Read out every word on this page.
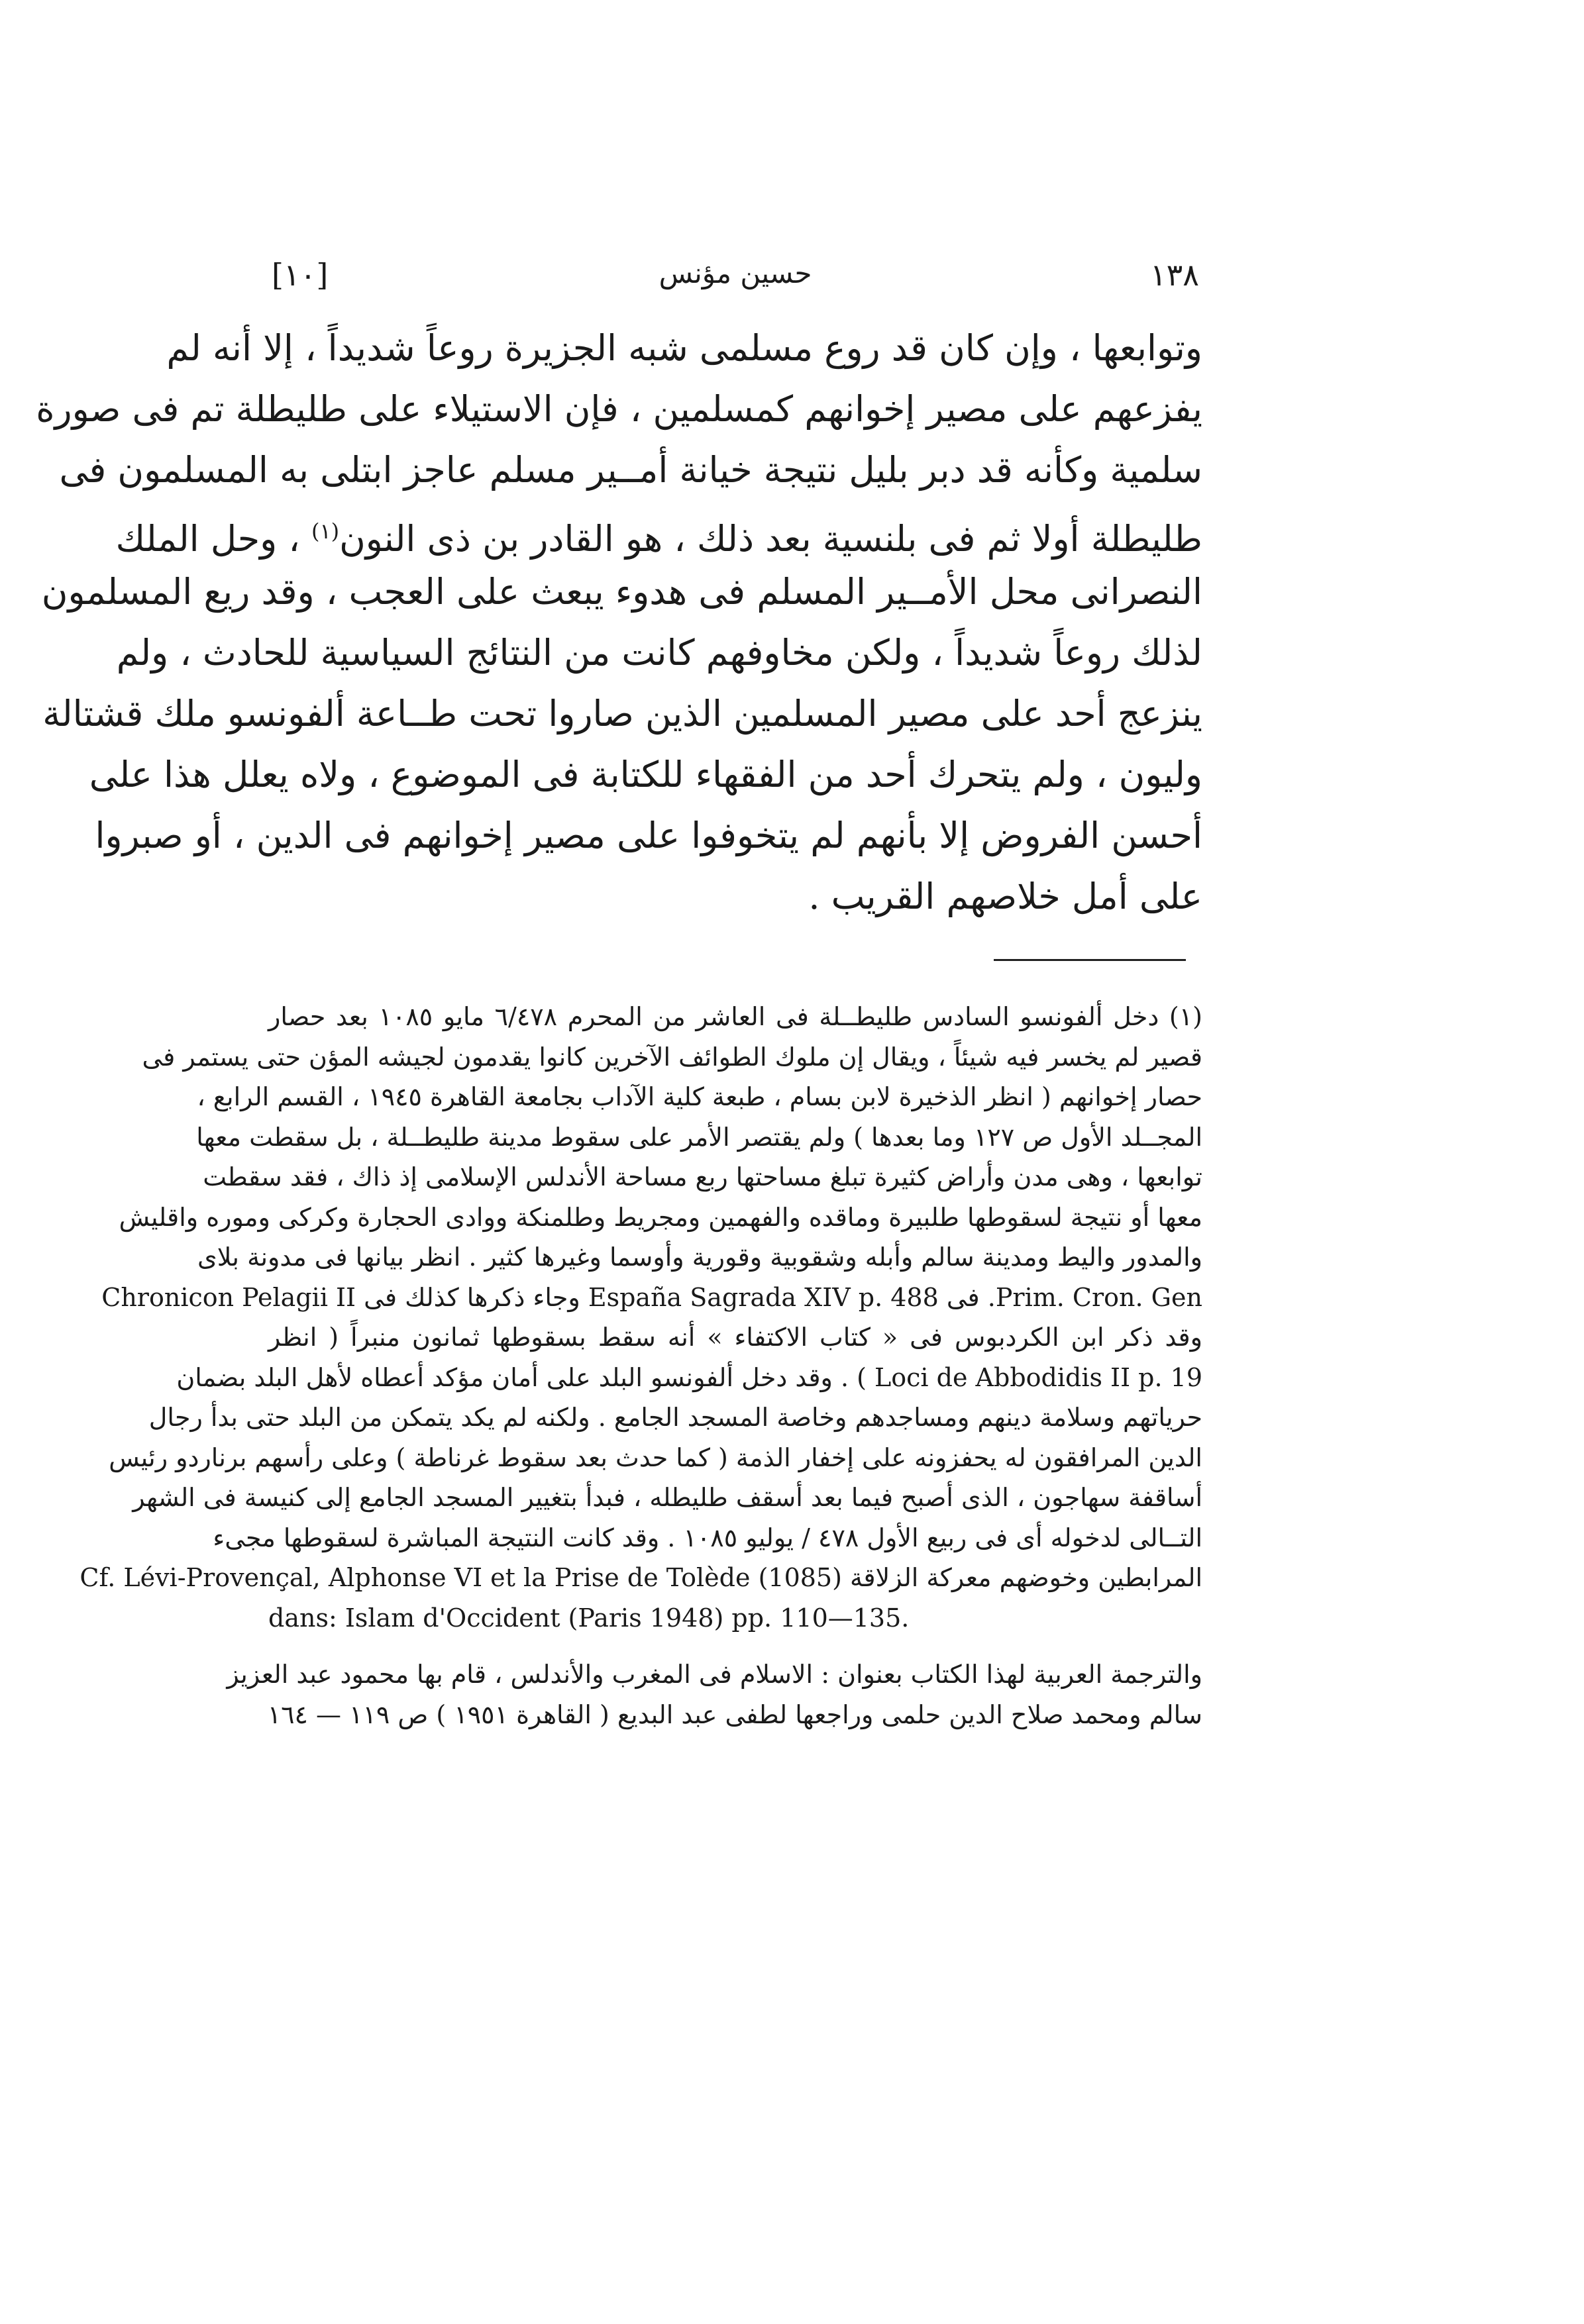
١٣٨
حسين مؤنس
[١٠]
وتوابعها ، وإن كان قد روع مسلمى شبه الجزيرة روعاً شديداً ، إلا أنه لم
يفزعهم على مصير إخوانهم كمسلمين ، فإن الاستيلاء على طليطلة تم فى صورة
سلمية وكأنه قد دبر بليل نتيجة خيانة أمــير مسلم عاجز ابتلى به المسلمون فى
طليطلة أولا ثم فى بلنسية بعد ذلك ، هو القادر بن ذى النون$^{(١)}$ ، وحل الملك
النصرانى محل الأمــير المسلم فى هدوء يبعث على العجب ، وقد ريع المسلمون
لذلك روعاً شديداً ، ولكن مخاوفهم كانت من النتائج السياسية للحادث ، ولم
ينزعج أحد على مصير المسلمين الذين صاروا تحت طــاعة ألفونسو ملك قشتالة
وليون ، ولم يتحرك أحد من الفقهاء للكتابة فى الموضوع ، ولاه يعلل هذا على
أحسن الفروض إلا بأنهم لم يتخوفوا على مصير إخوانهم فى الدين ، أو صبروا
على أمل خلاصهم القريب .
(١) دخل ألفونسو السادس طليطــلة فى العاشر من المحرم ٦/٤٧٨ مايو ١٠٨٥ بعد حصار
قصير لم يخسر فيه شيئاً ، ويقال إن ملوك الطوائف الآخرين كانوا يقدمون لجيشه المؤن حتى يستمر فى
حصار إخوانهم ( انظر الذخيرة لابن بسام ، طبعة كلية الآداب بجامعة القاهرة ١٩٤٥ ، القسم الرابع ،
المجــلد الأول ص ١٢٧ وما بعدها ) ولم يقتصر الأمر على سقوط مدينة طليطــلة ، بل سقطت معها
توابعها ، وهى مدن وأراض كثيرة تبلغ مساحتها ربع مساحة الأندلس الإسلامى إذ ذاك ، فقد سقطت
معها أو نتيجة لسقوطها طلبيرة وماقده والفهمين ومجريط وطلمنكة ووادى الحجارة وكركى وموره واقليش
والمدور واليط ومدينة سالم وأبله وشقوبية وقورية وأوسما وغيرها كثير . انظر بيانها فى مدونة بلاى
Prim. Cron. Gen. فى España Sagrada XIV p. 488 وجاء ذكرها كذلك فى Chronicon Pelagii II
وقد ذكر ابن الكردبوس فى « كتاب الاكتفاء » أنه سقط بسقوطها ثمانون منبراً ( انظر
Loci de Abbodidis II p. 19 ) . وقد دخل ألفونسو البلد على أمان مؤكد أعطاه لأهل البلد بضمان
حرياتهم وسلامة دينهم ومساجدهم وخاصة المسجد الجامع . ولكنه لم يكد يتمكن من البلد حتى بدأ رجال
الدين المرافقون له يحفزونه على إخفار الذمة ( كما حدث بعد سقوط غرناطة ) وعلى رأسهم برناردو رئيس
أساقفة سهاجون ، الذى أصبح فيما بعد أسقف طليطله ، فبدأ بتغيير المسجد الجامع إلى كنيسة فى الشهر
التــالى لدخوله أى فى ربيع الأول ٤٧٨ / يوليو ١٠٨٥ . وقد كانت النتيجة المباشرة لسقوطها مجىء
المرابطين وخوضهم معركة الزلاقة Cf. Lévi-Provençal, Alphonse VI et la Prise de Tolède (1085)
dans: Islam d'Occident (Paris 1948) pp. 110—135.
والترجمة العربية لهذا الكتاب بعنوان : الاسلام فى المغرب والأندلس ، قام بها محمود عبد العزيز
سالم ومحمد صلاح الدين حلمى وراجعها لطفى عبد البديع ( القاهرة ١٩٥١ ) ص ١١٩ — ١٦٤
